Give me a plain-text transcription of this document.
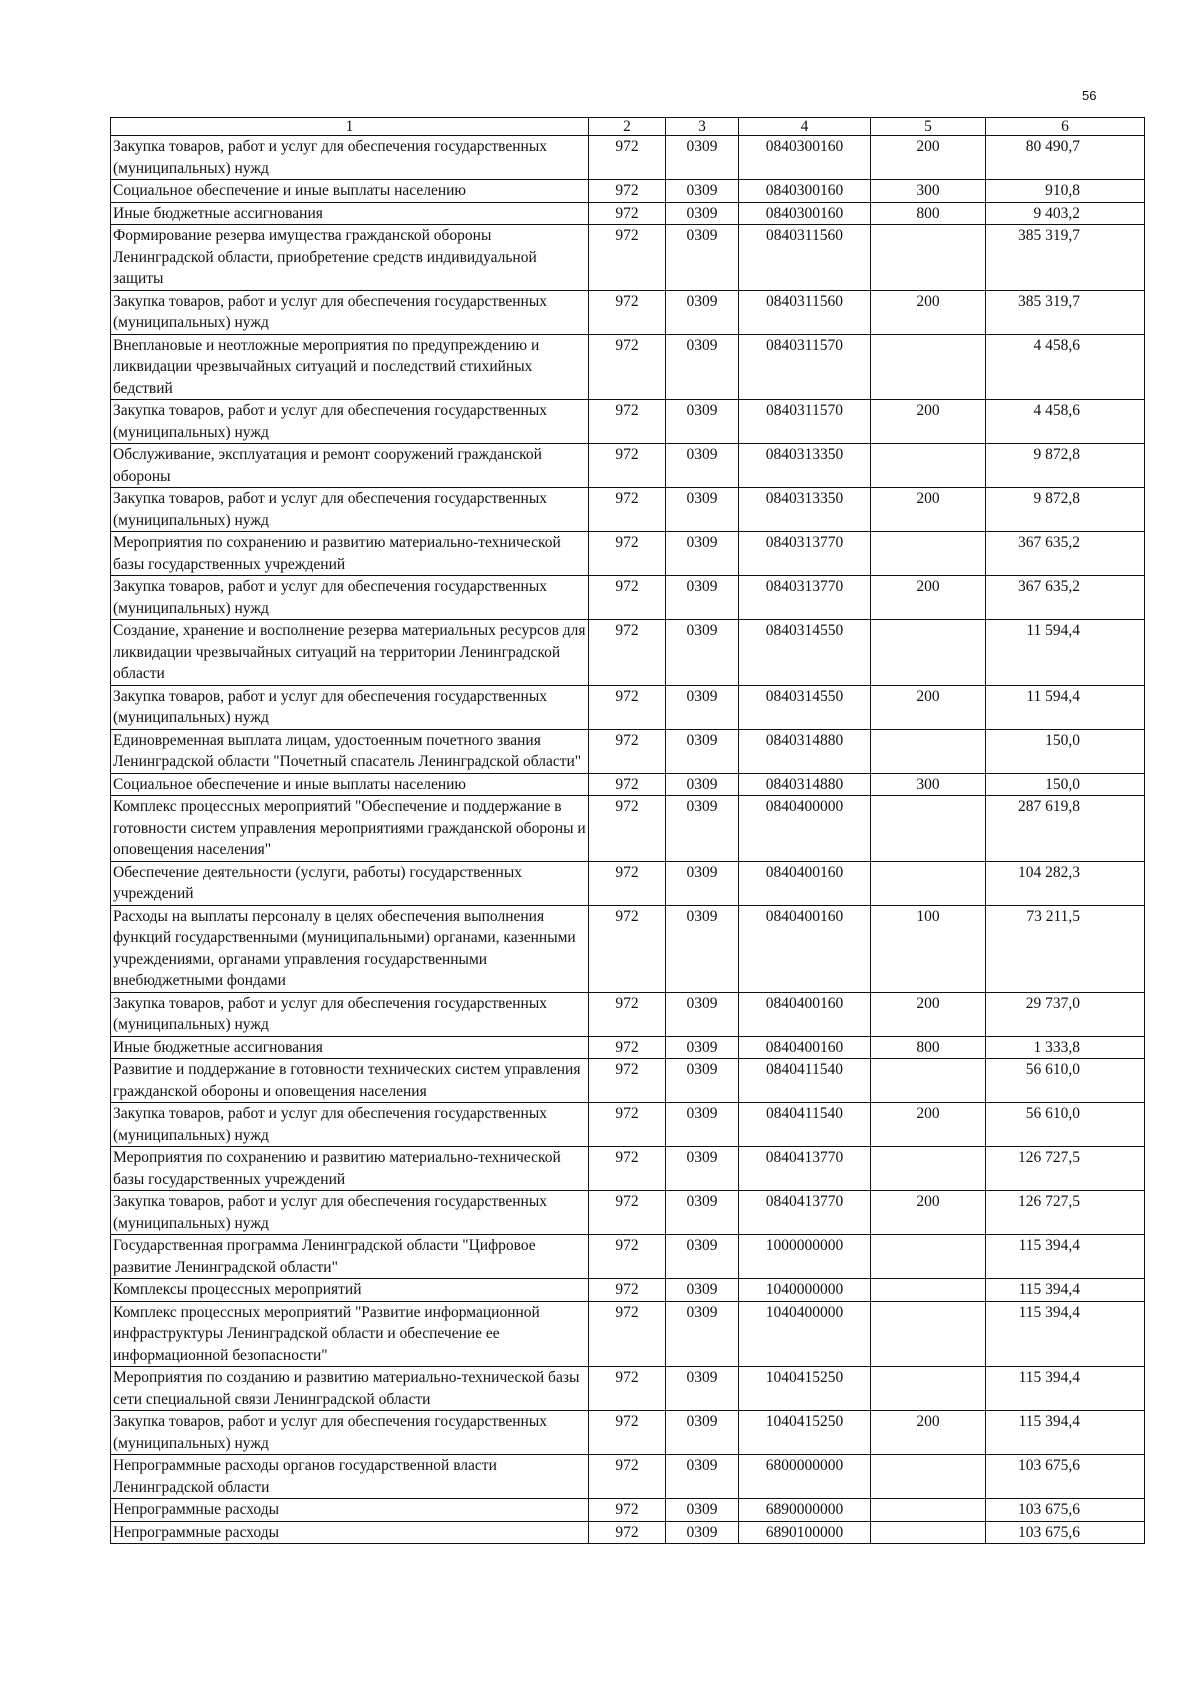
56
1	2	3	4	5	6
Закупка товаров, работ и услуг для обеспечения государственных (муниципальных) нужд	972	0309	0840300160	200	80 490,7
Социальное обеспечение и иные выплаты населению	972	0309	0840300160	300	910,8
Иные бюджетные ассигнования	972	0309	0840300160	800	9 403,2
Формирование резерва имущества гражданской обороны Ленинградской области, приобретение средств индивидуальной защиты	972	0309	0840311560		385 319,7
Закупка товаров, работ и услуг для обеспечения государственных (муниципальных) нужд	972	0309	0840311560	200	385 319,7
Внеплановые и неотложные мероприятия по предупреждению и ликвидации чрезвычайных ситуаций и последствий стихийных бедствий	972	0309	0840311570		4 458,6
Закупка товаров, работ и услуг для обеспечения государственных (муниципальных) нужд	972	0309	0840311570	200	4 458,6
Обслуживание, эксплуатация и ремонт сооружений гражданской обороны	972	0309	0840313350		9 872,8
Закупка товаров, работ и услуг для обеспечения государственных (муниципальных) нужд	972	0309	0840313350	200	9 872,8
Мероприятия по сохранению и развитию материально-технической базы государственных учреждений	972	0309	0840313770		367 635,2
Закупка товаров, работ и услуг для обеспечения государственных (муниципальных) нужд	972	0309	0840313770	200	367 635,2
Создание, хранение и восполнение резерва материальных ресурсов для ликвидации чрезвычайных ситуаций на территории Ленинградской области	972	0309	0840314550		11 594,4
Закупка товаров, работ и услуг для обеспечения государственных (муниципальных) нужд	972	0309	0840314550	200	11 594,4
Единовременная выплата лицам, удостоенным почетного звания Ленинградской области "Почетный спасатель Ленинградской области"	972	0309	0840314880		150,0
Социальное обеспечение и иные выплаты населению	972	0309	0840314880	300	150,0
Комплекс процессных мероприятий "Обеспечение и поддержание в готовности систем управления мероприятиями гражданской обороны и оповещения населения"	972	0309	0840400000		287 619,8
Обеспечение деятельности (услуги, работы) государственных учреждений	972	0309	0840400160		104 282,3
Расходы на выплаты персоналу в целях обеспечения выполнения функций государственными (муниципальными) органами, казенными учреждениями, органами управления государственными внебюджетными фондами	972	0309	0840400160	100	73 211,5
Закупка товаров, работ и услуг для обеспечения государственных (муниципальных) нужд	972	0309	0840400160	200	29 737,0
Иные бюджетные ассигнования	972	0309	0840400160	800	1 333,8
Развитие и поддержание в готовности технических систем управления гражданской обороны и оповещения населения	972	0309	0840411540		56 610,0
Закупка товаров, работ и услуг для обеспечения государственных (муниципальных) нужд	972	0309	0840411540	200	56 610,0
Мероприятия по сохранению и развитию материально-технической базы государственных учреждений	972	0309	0840413770		126 727,5
Закупка товаров, работ и услуг для обеспечения государственных (муниципальных) нужд	972	0309	0840413770	200	126 727,5
Государственная программа Ленинградской области "Цифровое развитие Ленинградской области"	972	0309	1000000000		115 394,4
Комплексы процессных мероприятий	972	0309	1040000000		115 394,4
Комплекс процессных мероприятий "Развитие информационной инфраструктуры Ленинградской области и обеспечение ее информационной безопасности"	972	0309	1040400000		115 394,4
Мероприятия по созданию и развитию материально-технической базы сети специальной связи Ленинградской области	972	0309	1040415250		115 394,4
Закупка товаров, работ и услуг для обеспечения государственных (муниципальных) нужд	972	0309	1040415250	200	115 394,4
Непрограммные расходы органов государственной власти Ленинградской области	972	0309	6800000000		103 675,6
Непрограммные расходы	972	0309	6890000000		103 675,6
Непрограммные расходы	972	0309	6890100000		103 675,6
